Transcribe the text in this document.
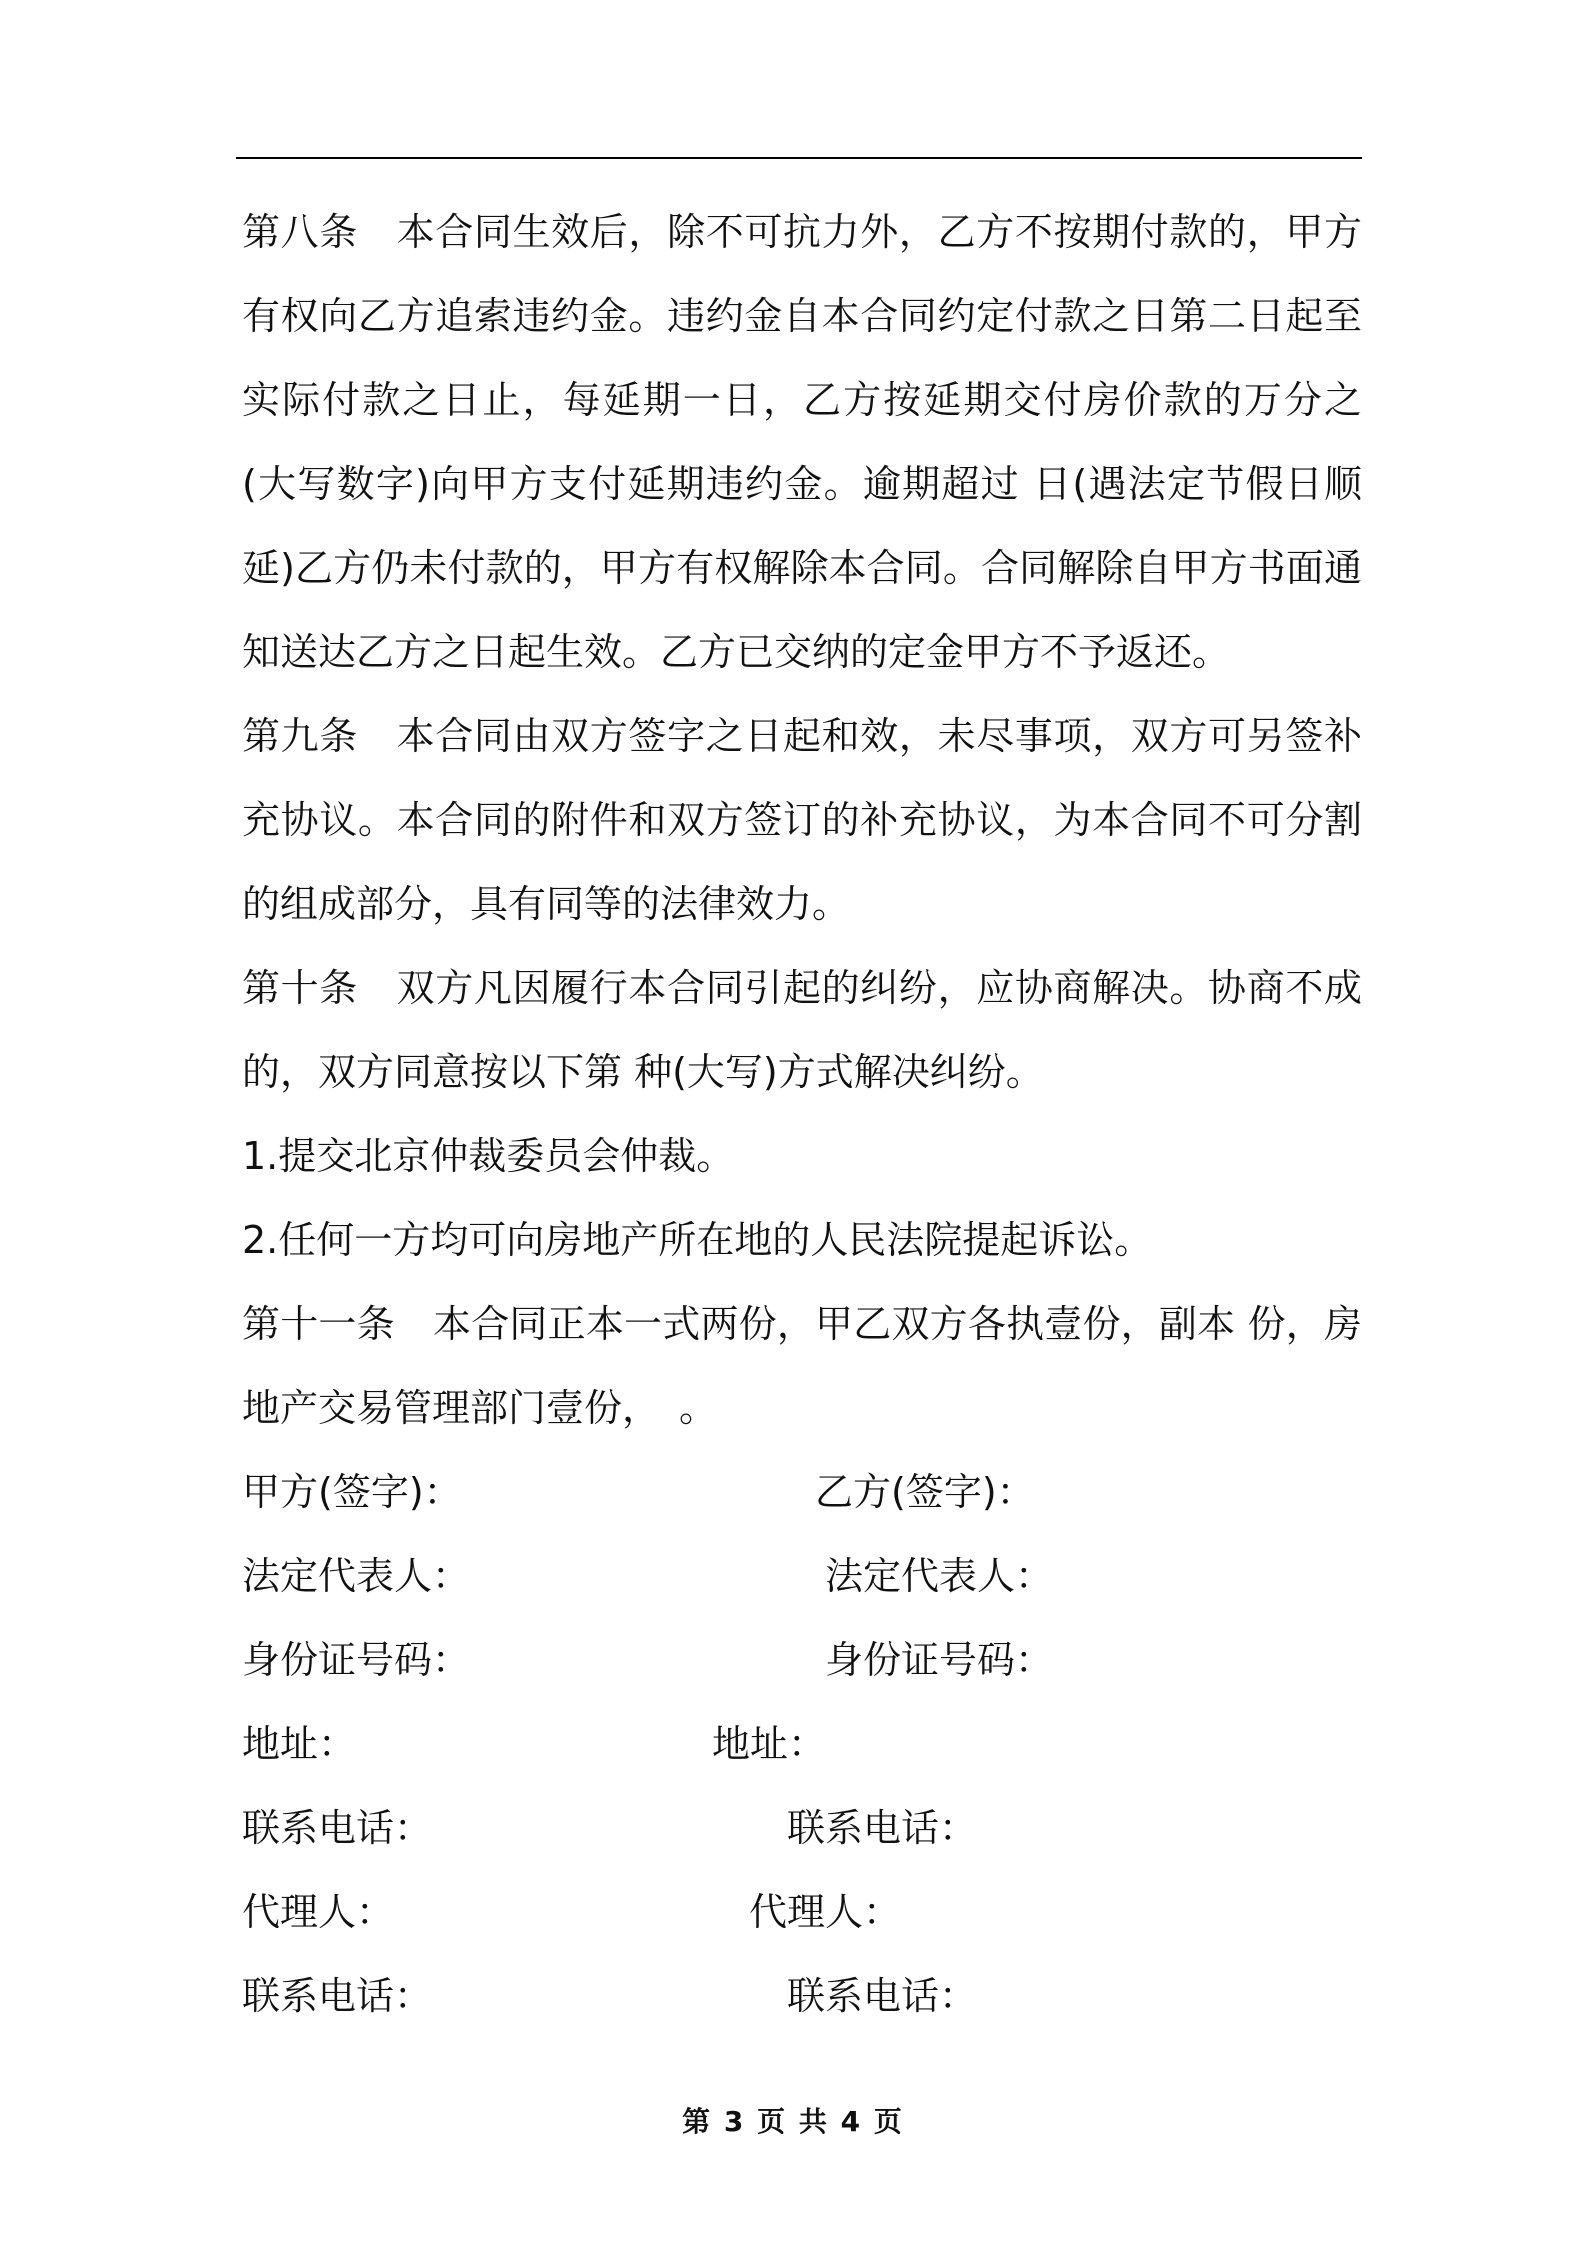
第八条　本合同生效后，除不可抗力外，乙方不按期付款的，甲方有权向乙方追索违约金。违约金自本合同约定付款之日第二日起至实际付款之日止，每延期一日，乙方按延期交付房价款的万分之 (大写数字)向甲方支付延期违约金。逾期超过 日(遇法定节假日顺延)乙方仍未付款的，甲方有权解除本合同。合同解除自甲方书面通知送达乙方之日起生效。乙方已交纳的定金甲方不予返还。

第九条　本合同由双方签字之日起和效，未尽事项，双方可另签补充协议。本合同的附件和双方签订的补充协议，为本合同不可分割的组成部分，具有同等的法律效力。

第十条　双方凡因履行本合同引起的纠纷，应协商解决。协商不成的，双方同意按以下第 种(大写)方式解决纠纷。

1.提交北京仲裁委员会仲裁。

2.任何一方均可向房地产所在地的人民法院提起诉讼。

第十一条　本合同正本一式两份，甲乙双方各执壹份，副本 份，房地产交易管理部门壹份，　。

甲方(签字)：	乙方(签字)：
法定代表人：	法定代表人：
身份证号码：	身份证号码：
地址：	地址：
联系电话：	联系电话：
代理人：	代理人：
联系电话：	联系电话：
第 3 页 共 4 页
